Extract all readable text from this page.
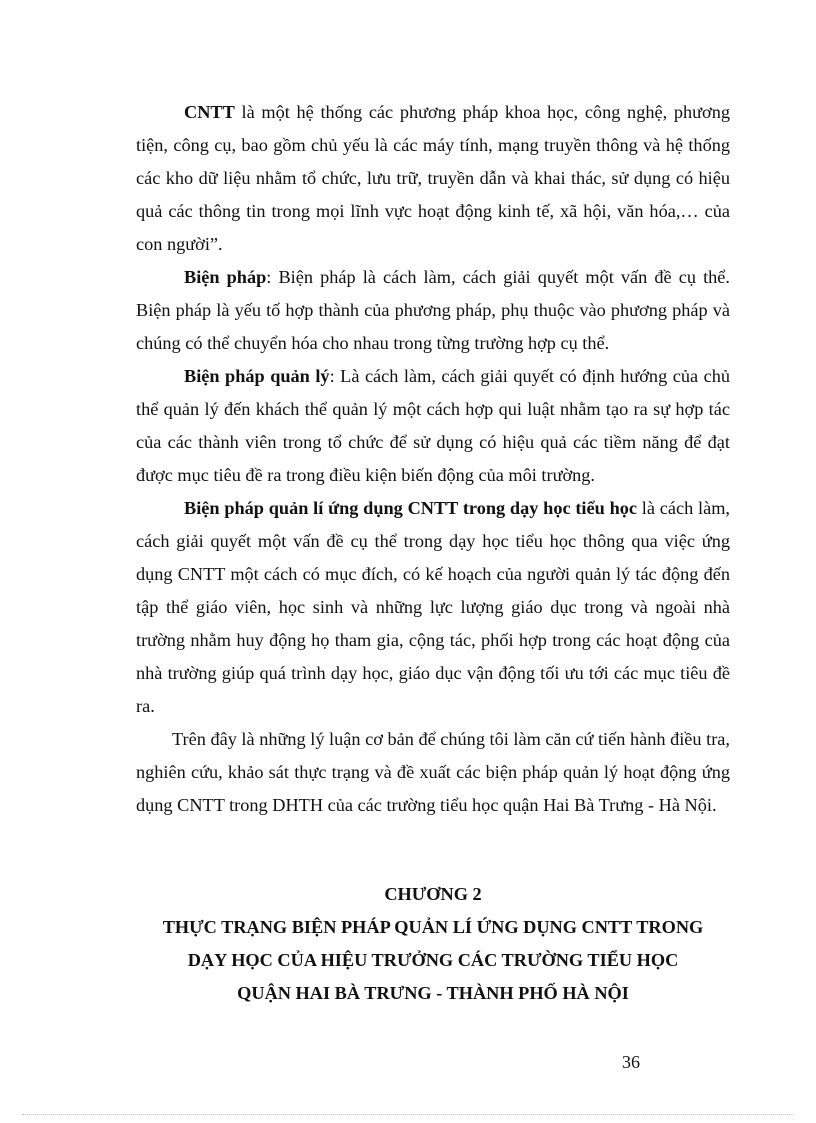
CNTT là một hệ thống các phương pháp khoa học, công nghệ, phương tiện, công cụ, bao gồm chủ yếu là các máy tính, mạng truyền thông và hệ thống các kho dữ liệu nhằm tổ chức, lưu trữ, truyền dẫn và khai thác, sử dụng có hiệu quả các thông tin trong mọi lĩnh vực hoạt động kinh tế, xã hội, văn hóa,… của con người”.

Biện pháp: Biện pháp là cách làm, cách giải quyết một vấn đề cụ thể. Biện pháp là yếu tố hợp thành của phương pháp, phụ thuộc vào phương pháp và chúng có thể chuyển hóa cho nhau trong từng trường hợp cụ thể.

Biện pháp quản lý: Là cách làm, cách giải quyết có định hướng của chủ thể quản lý đến khách thể quản lý một cách hợp qui luật nhằm tạo ra sự hợp tác của các thành viên trong tổ chức để sử dụng có hiệu quả các tiềm năng để đạt được mục tiêu đề ra trong điều kiện biến động của môi trường.

Biện pháp quản lí ứng dụng CNTT trong dạy học tiểu học là cách làm, cách giải quyết một vấn đề cụ thể trong dạy học tiểu học thông qua việc ứng dụng CNTT một cách có mục đích, có kế hoạch của người quản lý tác động đến tập thể giáo viên, học sinh và những lực lượng giáo dục trong và ngoài nhà trường nhằm huy động họ tham gia, cộng tác, phối hợp trong các hoạt động của nhà trường giúp quá trình dạy học, giáo dục vận động tối ưu tới các mục tiêu đề ra.

Trên đây là những lý luận cơ bản để chúng tôi làm căn cứ tiến hành điều tra, nghiên cứu, khảo sát thực trạng và đề xuất các biện pháp quản lý hoạt động ứng dụng CNTT trong DHTH của các trường tiểu học quận Hai Bà Trưng - Hà Nội.

CHƯƠNG 2
THỰC TRẠNG BIỆN PHÁP QUẢN LÍ ỨNG DỤNG CNTT TRONG
DẠY HỌC CỦA HIỆU TRƯỞNG CÁC TRƯỜNG TIỂU HỌC
QUẬN HAI BÀ TRƯNG - THÀNH PHỐ HÀ NỘI
36
